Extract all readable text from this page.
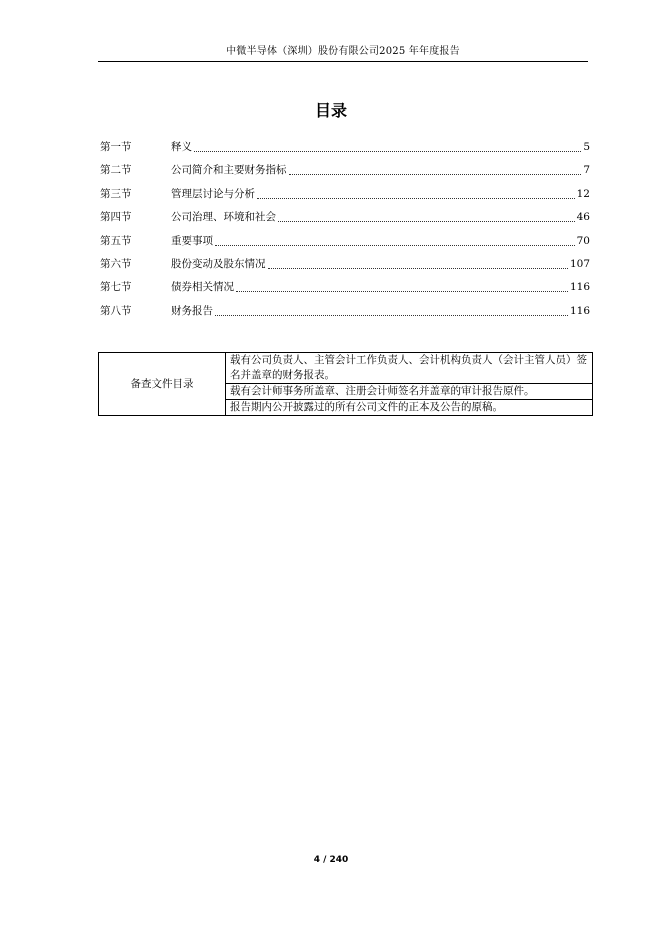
中微半导体（深圳）股份有限公司2025 年年度报告
目录
第一节	释义	5
第二节	公司简介和主要财务指标	7
第三节	管理层讨论与分析	12
第四节	公司治理、环境和社会	46
第五节	重要事项	70
第六节	股份变动及股东情况	107
第七节	债券相关情况	116
第八节	财务报告	116
备查文件目录	载有公司负责人、主管会计工作负责人、会计机构负责人（会计主管人员）签名并盖章的财务报表。
载有会计师事务所盖章、注册会计师签名并盖章的审计报告原件。
报告期内公开披露过的所有公司文件的正本及公告的原稿。
4 / 240
